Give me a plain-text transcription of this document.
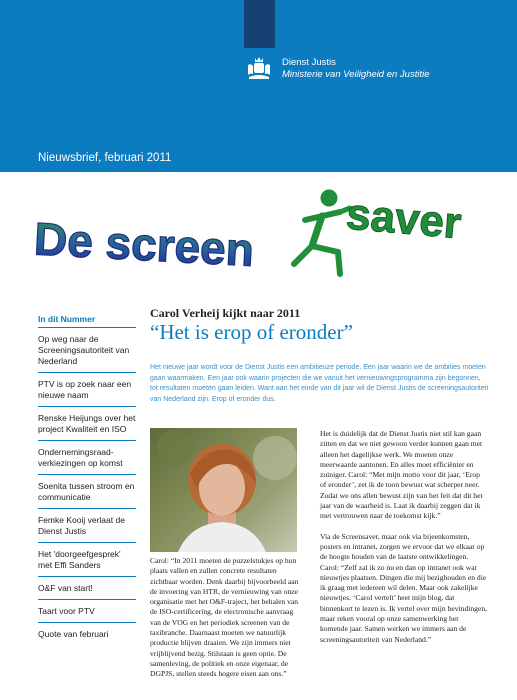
Dienst Justis
Ministerie van Veiligheid en Justitie
Nieuwsbrief, februari 2011
De screen saver
In dit Nummer
Op weg naar de Screeningsautoriteit van Nederland
PTV is op zoek naar een nieuwe naam
Renske Heijungs over het project Kwaliteit en ISO
Ondernemingsraad-verkiezingen op komst
Soenita tussen stroom en communicatie
Femke Kooij verlaat de Dienst Justis
Het 'doorgeefgesprek' met Effi Sanders
O&F van start!
Taart voor PTV
Quote van februari
Carol Verheij kijkt naar 2011
“Het is erop of eronder”
Het nieuwe jaar wordt voor de Dienst Justis een ambitieuze periode. Een jaar waarin we de ambities moeten gaan waarmaken. Een jaar ook waarin projecten die we vanuit het vernieuwingsprogramma zijn begonnen, tot resultaten moeten gaan leiden. Want aan het einde van dit jaar wil de Dienst Justis de screeningsautoriteit van Nederland zijn. Erop of eronder dus.
Carol: “In 2011 moeten de puzzelstukjes op hun plaats vallen en zullen concrete resultaten zichtbaar worden. Denk daarbij bijvoorbeeld aan de invoering van HTR, de vernieuwing van onze organisatie met het O&F-traject, het behalen van de ISO-certificering, de electronische aanvraag van de VOG en het periodiek screenen van de taxibranche. Daarnaast moeten we natuurlijk productie blijven draaien. We zijn immers niet vrijblijvend bezig. Stilstaan is geen optie. De samenleving, de politiek en onze eigenaar, de DGPJS, stellen steeds hogere eisen aan ons.”

Het is duidelijk dat de Dienst Justis niet stil kan gaan zitten en dat we niet gewoon verder kunnen gaan met alleen het dagelijkse werk. We moeten onze meerwaarde aantonen. En alles moet efficiënter en zuiniger. Carol: “Met mijn motto voor dit jaar, ‘Erop of eronder’, zet ik de toon bewust wat scherper neer. Zodat we ons allen bewust zijn van het feit dat dit het jaar van de waarheid is. Laat ik daarbij zeggen dat ik met vertrouwen naar de toekomst kijk.”

Via de Screensaver, maar ook via bijeenkomsten, posters en intranet, zorgen we ervoor dat we elkaar op de hoogte houden van de laatste ontwikkelingen. Carol: “Zelf zal ik zo nu en dan op intranet ook wat nieuwtjes plaatsen. Dingen die mij bezighouden en die ik graag met iedereen wil delen. Maar ook zakelijke nieuwtjes. ‘Carol vertelt’ heet mijn blog, dat binnenkort te lezen is. Ik vertel over mijn bevindingen, maar reken vooral op onze samenwerking het komende jaar. Samen werken we immers aan de screeningsautoriteit van Nederland.”
